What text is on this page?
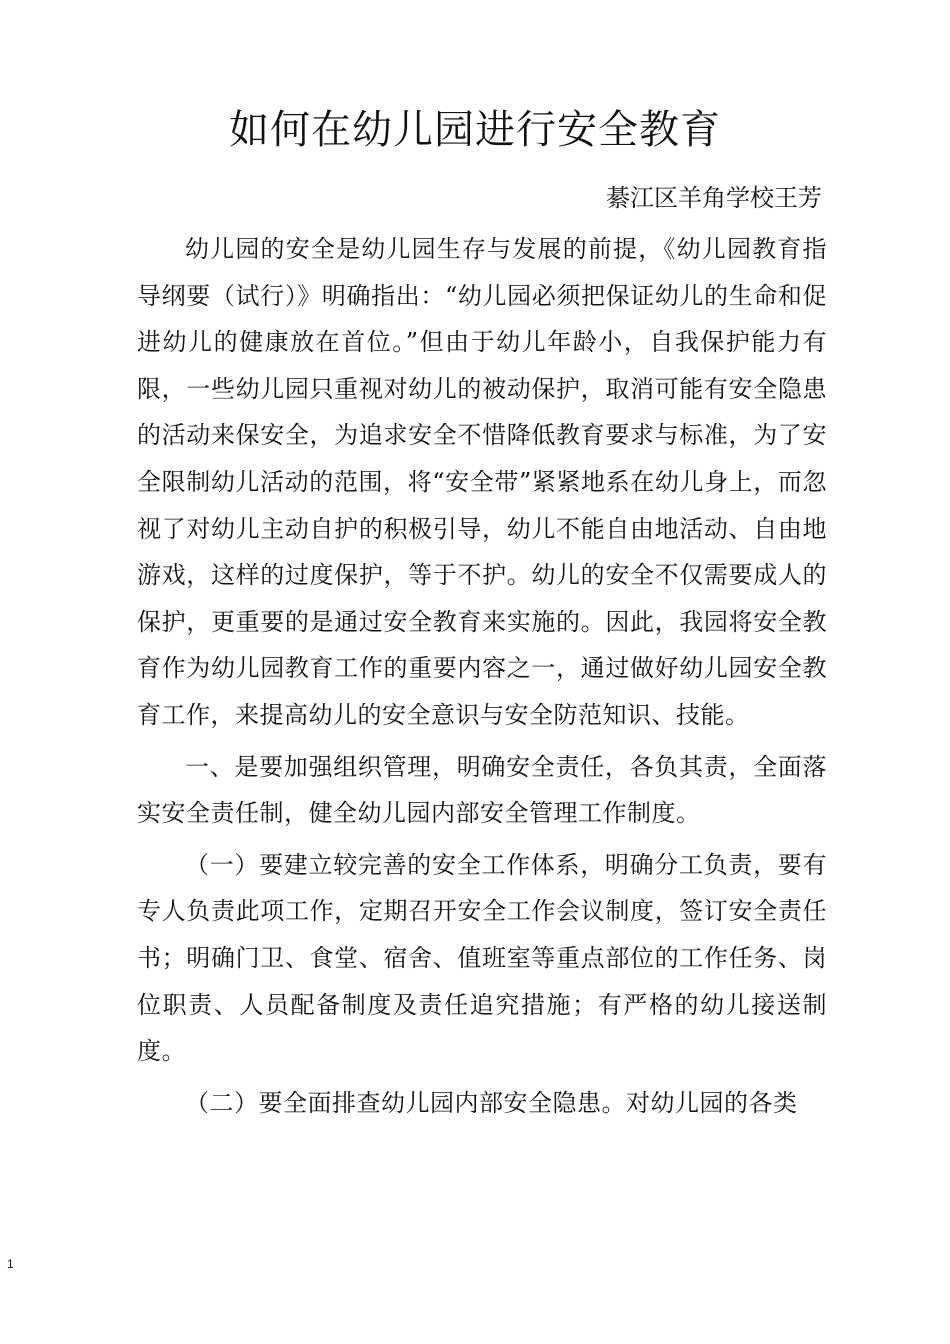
如何在幼儿园进行安全教育

綦江区羊角学校王芳

幼儿园的安全是幼儿园生存与发展的前提，《幼儿园教育指导纲要（试行）》明确指出：“幼儿园必须把保证幼儿的生命和促进幼儿的健康放在首位。”但由于幼儿年龄小，自我保护能力有限，一些幼儿园只重视对幼儿的被动保护，取消可能有安全隐患的活动来保安全，为追求安全不惜降低教育要求与标准，为了安全限制幼儿活动的范围，将“安全带”紧紧地系在幼儿身上，而忽视了对幼儿主动自护的积极引导，幼儿不能自由地活动、自由地游戏，这样的过度保护，等于不护。幼儿的安全不仅需要成人的保护，更重要的是通过安全教育来实施的。因此，我园将安全教育作为幼儿园教育工作的重要内容之一，通过做好幼儿园安全教育工作，来提高幼儿的安全意识与安全防范知识、技能。

一、是要加强组织管理，明确安全责任，各负其责，全面落实安全责任制，健全幼儿园内部安全管理工作制度。

（一）要建立较完善的安全工作体系，明确分工负责，要有专人负责此项工作，定期召开安全工作会议制度，签订安全责任书；明确门卫、食堂、宿舍、值班室等重点部位的工作任务、岗位职责、人员配备制度及责任追究措施；有严格的幼儿接送制度。

（二）要全面排查幼儿园内部安全隐患。对幼儿园的各类

1
